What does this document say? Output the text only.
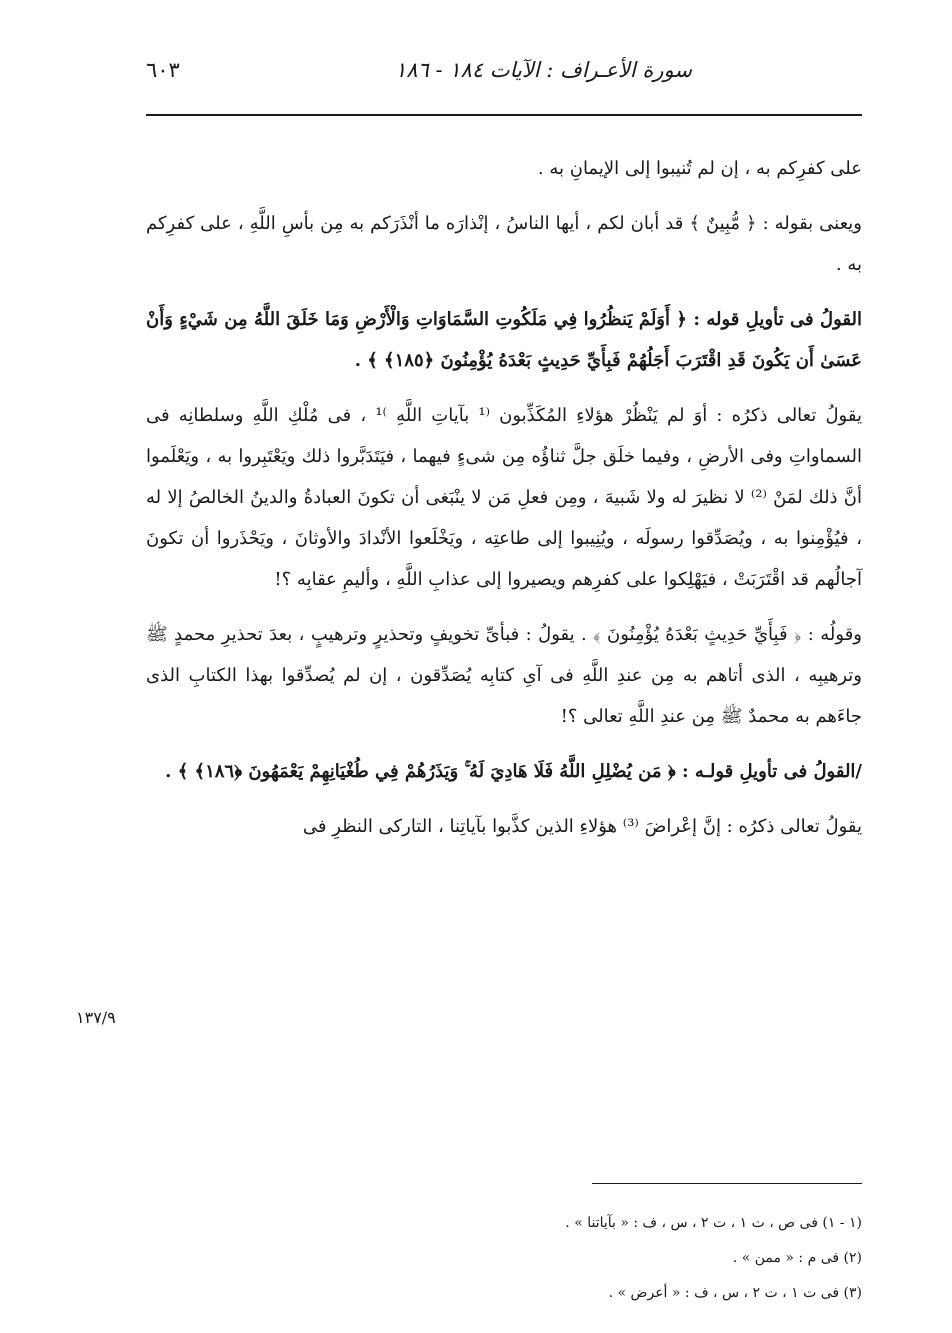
سورة الأعـراف : الآيات ١٨٤ - ١٨٦
٦٠٣

على كفرِكم به ، إن لم تُنيبوا إلى الإيمانِ به .

ويعنى بقوله : ﴿ مُّبِينٌ ﴾ قد أبان لكم ، أيها الناسُ ، إنْذارَه ما أنْذَرَكم به مِن بأسِ اللَّهِ ، على كفرِكم به .

القولُ فى تأويلِ قوله : ﴿ أَوَلَمْ يَنظُرُوا فِي مَلَكُوتِ السَّمَاوَاتِ وَالْأَرْضِ وَمَا خَلَقَ اللَّهُ مِن شَيْءٍ وَأَنْ عَسَىٰ أَن يَكُونَ قَدِ اقْتَرَبَ أَجَلُهُمْ فَبِأَيِّ حَدِيثٍ بَعْدَهُ يُؤْمِنُونَ ﴿١٨٥﴾ ﴾ .

يقولُ تعالى ذكرُه : أوَ لم يَنْظُرْ هؤلاءِ المُكَذِّبون ⁽¹ بآياتِ اللَّهِ ⁾¹ ، فى مُلْكِ اللَّهِ وسلطانِه فى السماواتِ وفى الأرضِ ، وفيما خلَق جلَّ ثناؤُه مِن شىءٍ فيهما ، فيَتَدَبَّروا ذلك ويَعْتَبِروا به ، ويَعْلَموا أنَّ ذلك لمَنْ ⁽²⁾ لا نظيرَ له ولا شَبيهَ ، ومِن فعلِ مَن لا ينْبَغى أن تكونَ العبادةُ والدينُ الخالصُ إلا له ، فيُؤْمِنوا به ، ويُصَدِّقوا رسولَه ، ويُنِيبوا إلى طاعتِه ، ويَخْلَعوا الأنْدادَ والأوثانَ ، ويَحْذَروا أن تكونَ آجالُهم قد اقْتَرَبَتْ ، فيَهْلِكوا على كفرِهم ويصيروا إلى عذابِ اللَّهِ ، وأليمِ عقابِه ؟!

وقولُه : ﴿ فَبِأَيِّ حَدِيثٍ بَعْدَهُ يُؤْمِنُونَ ﴾ . يقولُ : فبأىِّ تخويفٍ وتحذيرٍ وترهيبٍ ، بعدَ تحذيرِ محمدٍ ﷺ وترهيبِه ، الذى أتاهم به مِن عندِ اللَّهِ فى آىِ كتابِه يُصَدِّقون ، إن لم يُصدِّقوا بهذا الكتابِ الذى جاءَهم به محمدٌ ﷺ مِن عندِ اللَّهِ تعالى ؟!

/القولُ فى تأويلِ قولـه : ﴿ مَن يُضْلِلِ اللَّهُ فَلَا هَادِيَ لَهُ ۚ وَيَذَرُهُمْ فِي طُغْيَانِهِمْ يَعْمَهُونَ ﴿١٨٦﴾ ﴾ .

يقولُ تعالى ذكرُه : إنَّ إعْراضَ ⁽³⁾ هؤلاءِ الذين كذَّبوا بآياتِنا ، التاركى النظرِ فى

١٣٧/٩
(١ - ١) فى ص ، ت ١ ، ت ٢ ، س ، ف : « بآياتنا » .
(٢) فى م : « ممن » .
(٣) فى ت ١ ، ت ٢ ، س ، ف : « أعرض » .
